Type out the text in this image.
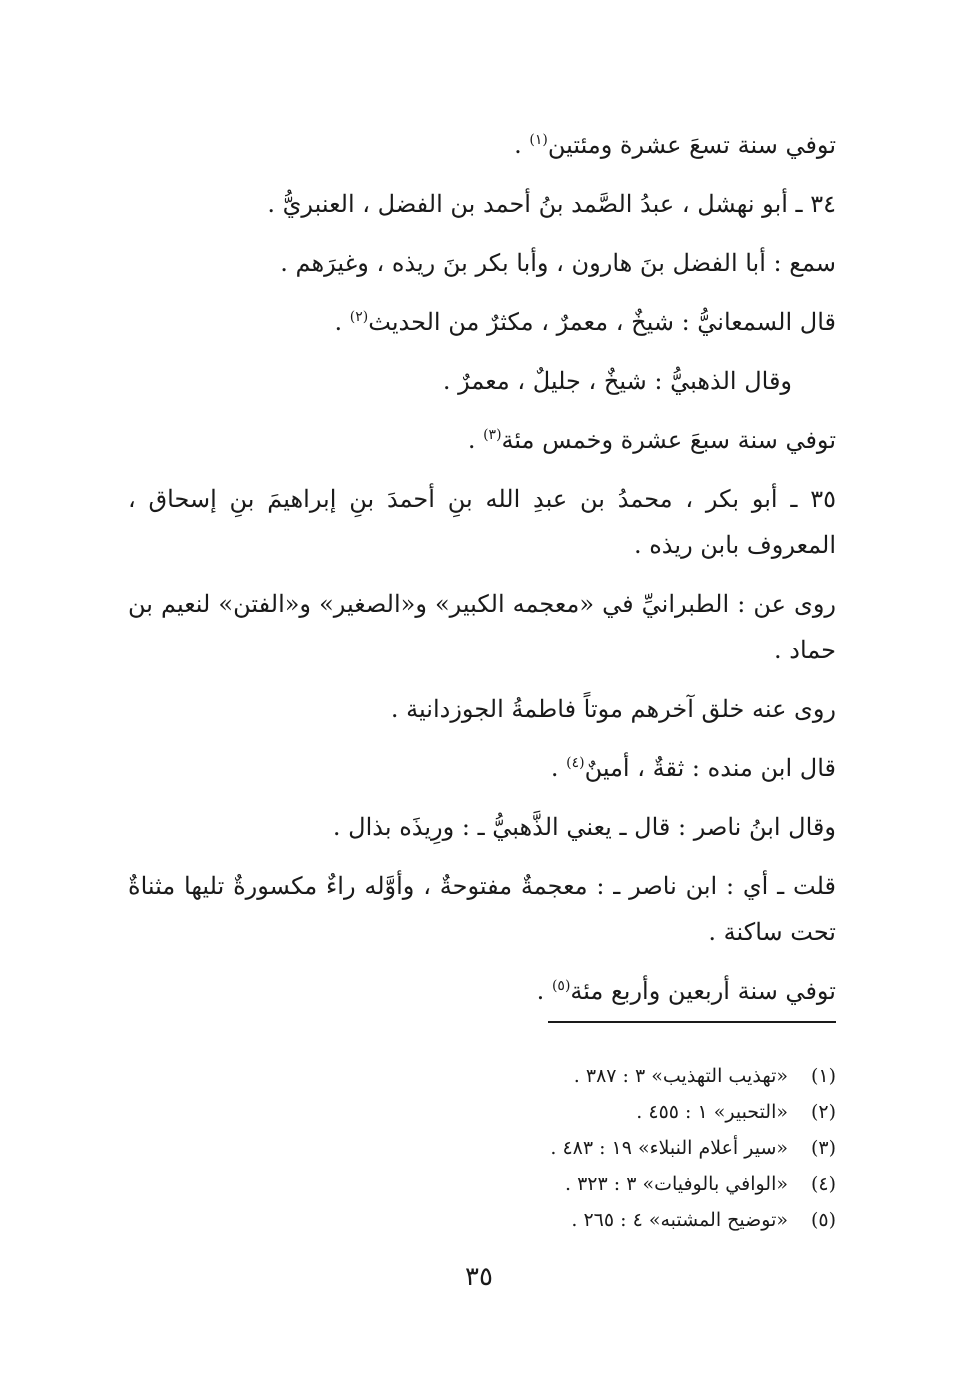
توفي سنة تسعَ عشرة ومئتين$^{(١)}$ .

٣٤ ـ أبو نهشل ، عبدُ الصَّمد بنُ أحمد بن الفضل ، العنبريُّ .

سمع : أبا الفضل بنَ هارون ، وأبا بكر بنَ ريذه ، وغيرَهم .

قال السمعانيُّ : شيخٌ ، معمرٌ ، مكثرٌ من الحديث$^{(٢)}$ .

وقال الذهبيُّ : شيخٌ ، جليلٌ ، معمرٌ .

توفي سنة سبعَ عشرة وخمس مئة$^{(٣)}$ .

٣٥ ـ أبو بكر ، محمدُ بن عبدِ الله بنِ أحمدَ بنِ إبراهيمَ بنِ إسحاق ، المعروف بابن ريذه .

روى عن : الطبرانيِّ في «معجمه الكبير» و«الصغير» و«الفتن» لنعيم بن حماد .

روى عنه خلق آخرهم موتاً فاطمةُ الجوزدانية .

قال ابن منده : ثقةٌ ، أمينٌ$^{(٤)}$ .

وقال ابنُ ناصر : قال ـ يعني الذَّهبيُّ ـ : ورِيذَه بذال .

قلت ـ أي : ابن ناصر ـ : معجمةٌ مفتوحةٌ ، وأوَّله راءٌ مكسورةٌ تليها مثناةٌ تحت ساكنة .

توفي سنة أربعين وأربع مئة$^{(٥)}$ .

(١)
«تهذيب التهذيب» ٣ : ٣٨٧ .
(٢)
«التحبير» ١ : ٤٥٥ .
(٣)
«سير أعلام النبلاء» ١٩ : ٤٨٣ .
(٤)
«الوافي بالوفيات» ٣ : ٣٢٣ .
(٥)
«توضيح المشتبه» ٤ : ٢٦٥ .
٣٥
